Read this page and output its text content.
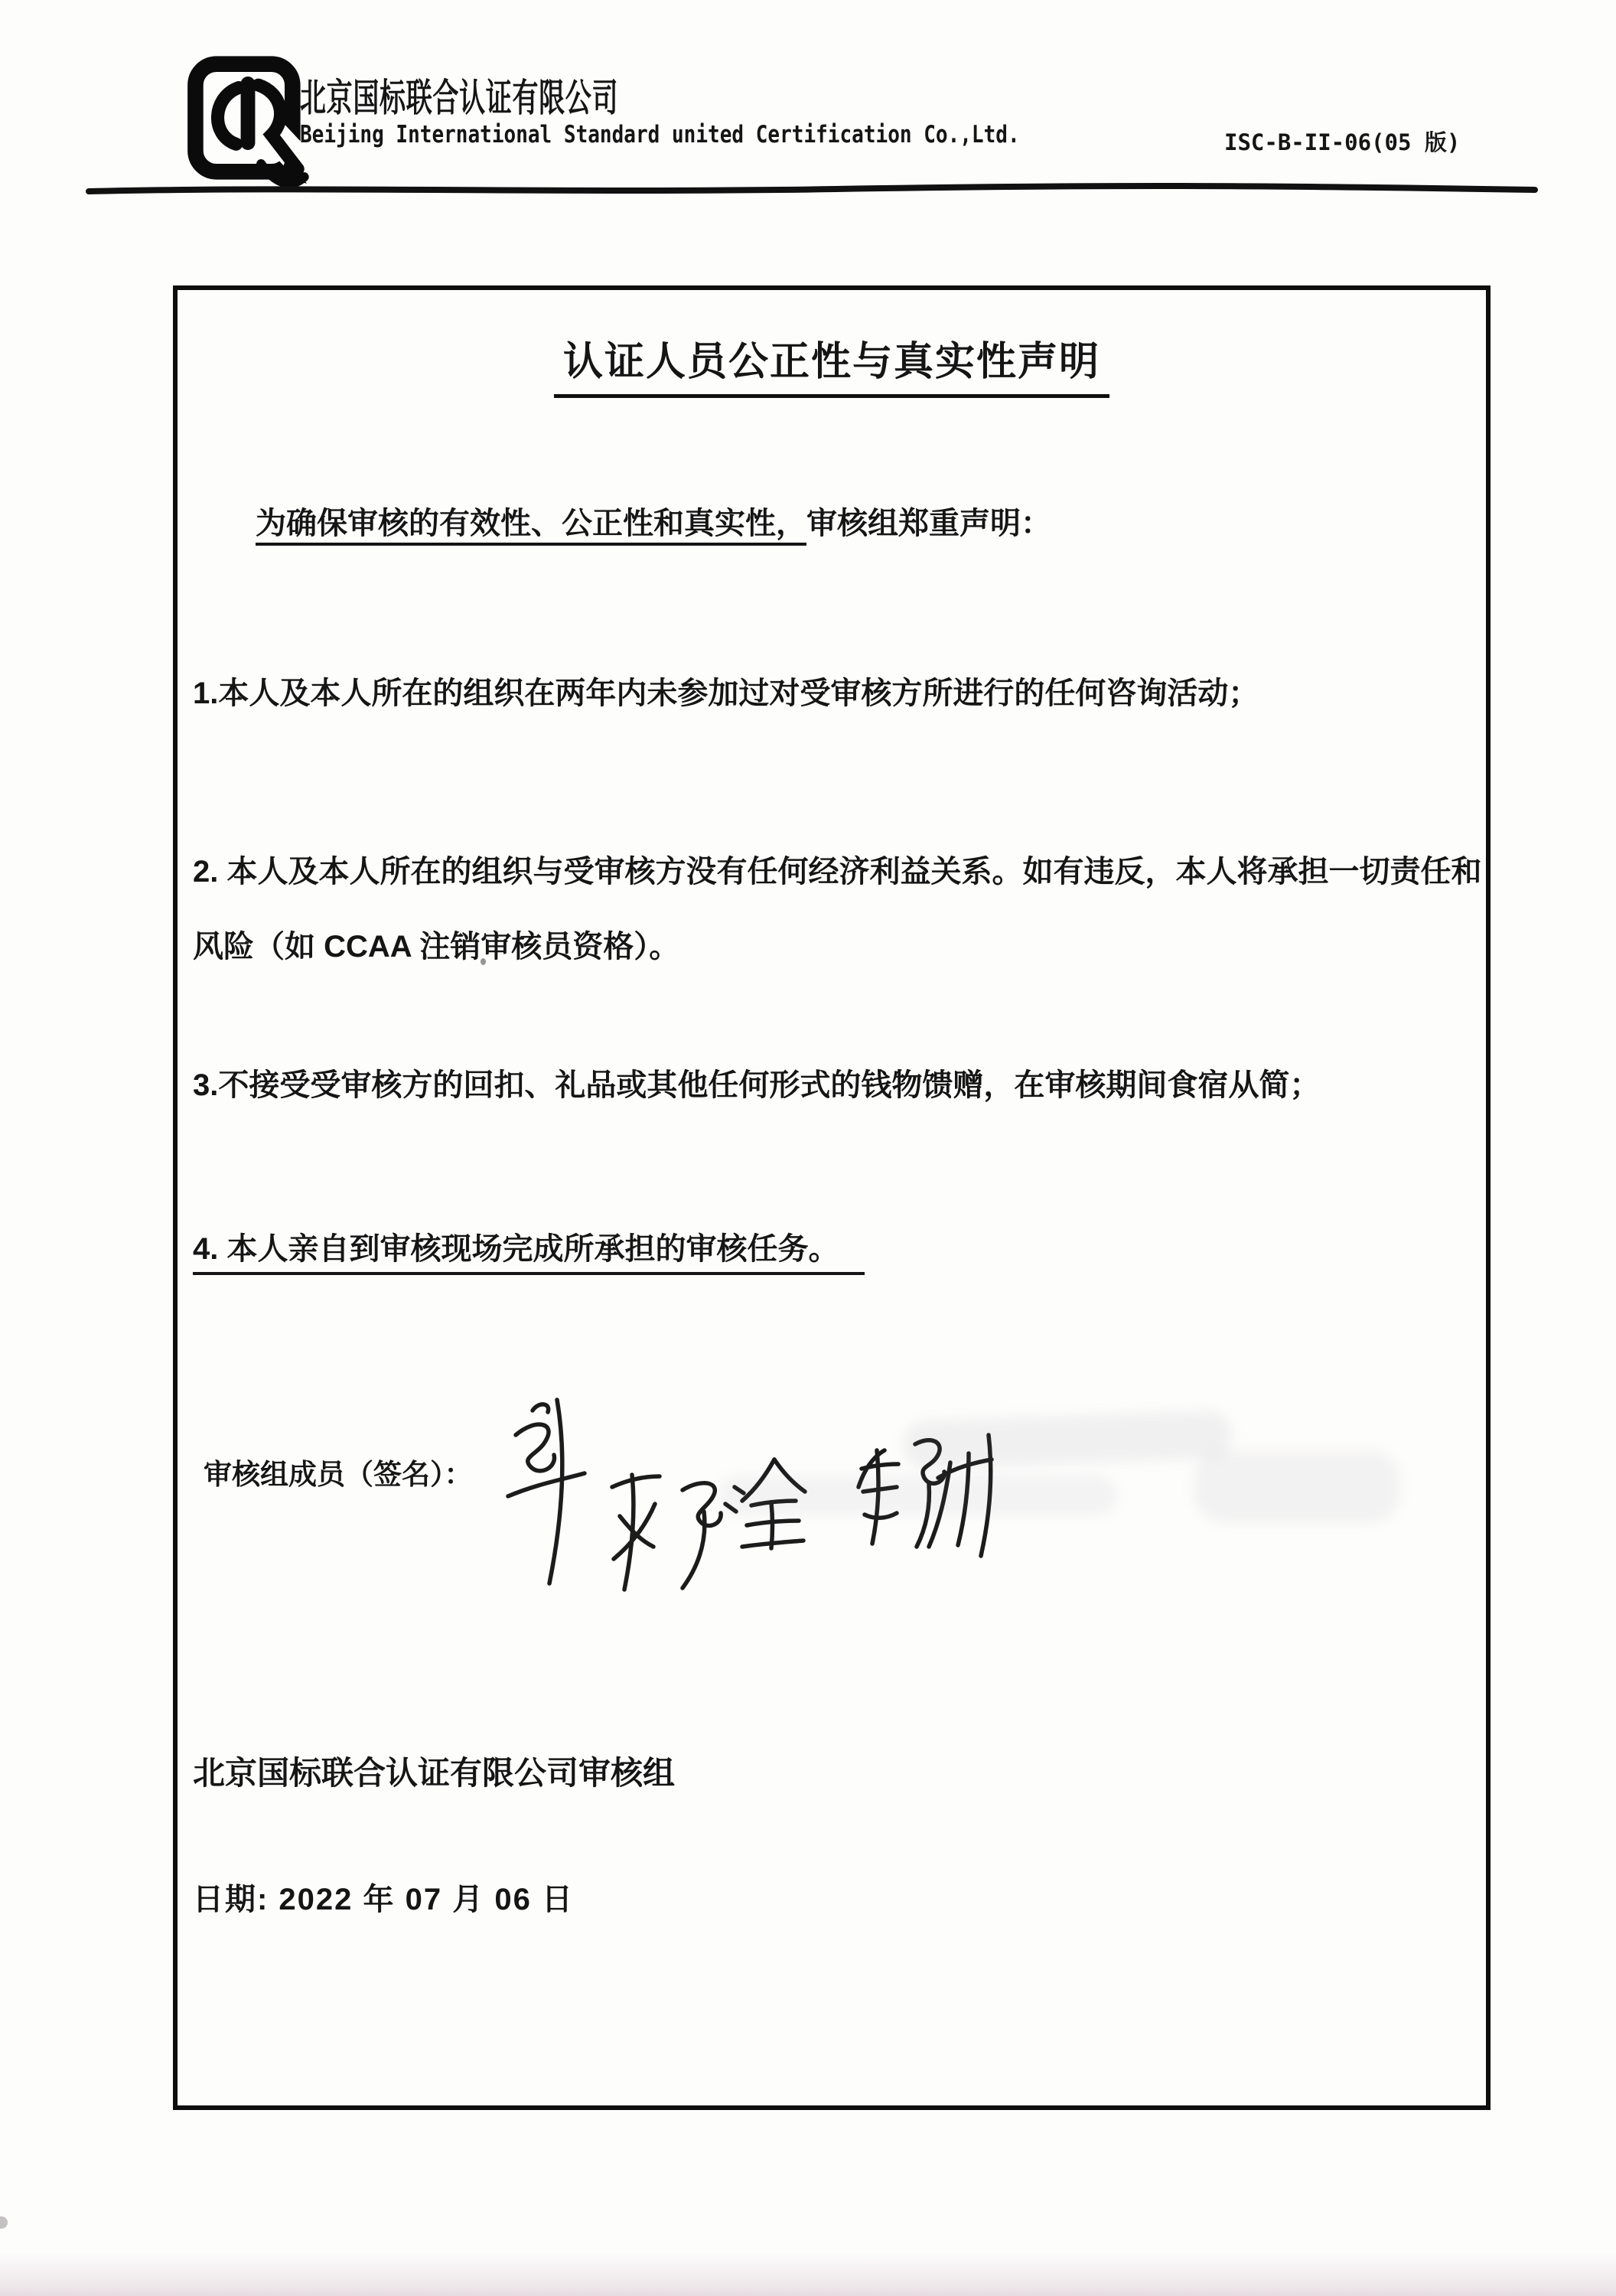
北京国标联合认证有限公司
Beijing International Standard united Certification Co.,Ltd.	ISC-B-II-06(05 版)
认证人员公正性与真实性声明
为确保审核的有效性、公正性和真实性，审核组郑重声明：
1.本人及本人所在的组织在两年内未参加过对受审核方所进行的任何咨询活动；
2. 本人及本人所在的组织与受审核方没有任何经济利益关系。如有违反，本人将承担一切责任和
风险（如 CCAA 注销审核员资格）。
3.不接受受审核方的回扣、礼品或其他任何形式的钱物馈赠，在审核期间食宿从简；
4. 本人亲自到审核现场完成所承担的审核任务。
审核组成员（签名）：
北京国标联合认证有限公司审核组
日期: 2022 年 07 月 06 日
